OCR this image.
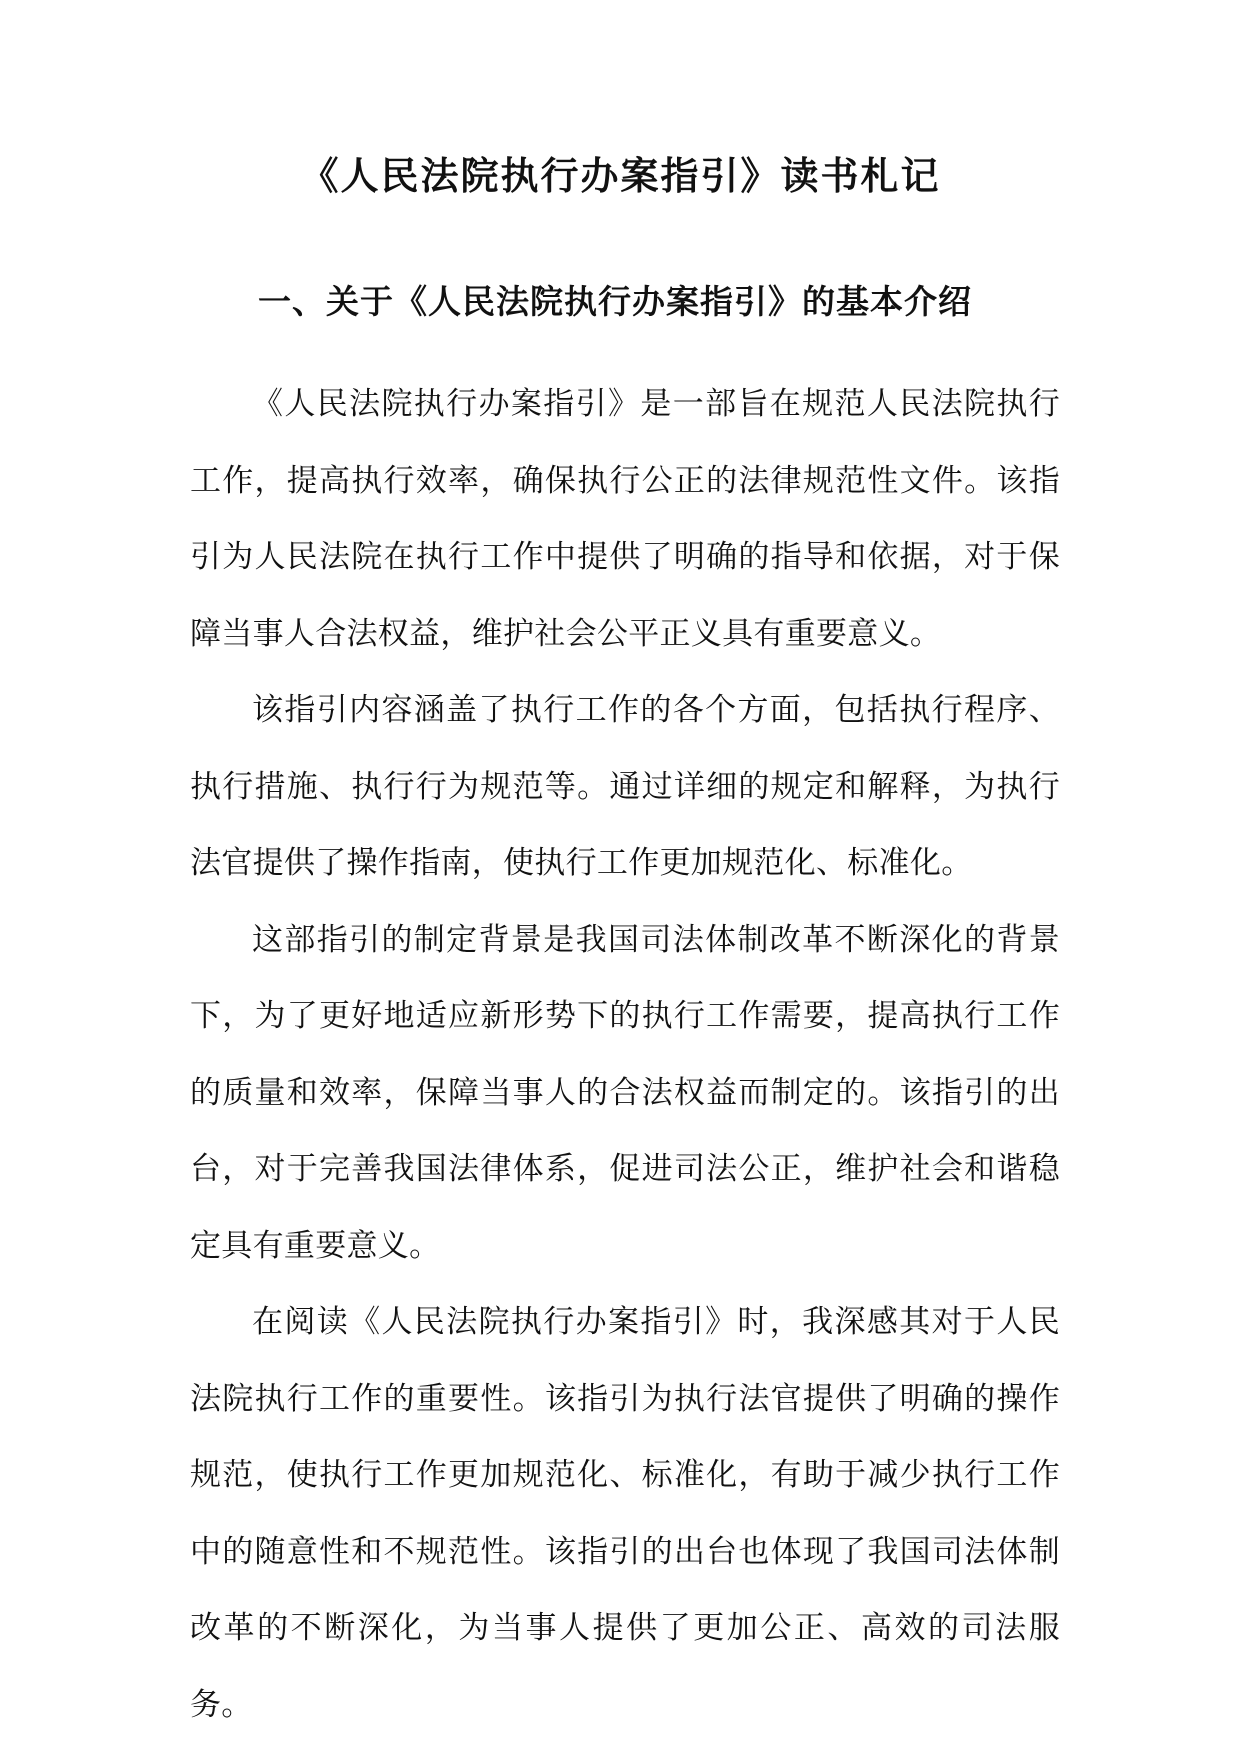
《人民法院执行办案指引》读书札记
一、关于《人民法院执行办案指引》的基本介绍

《人民法院执行办案指引》是一部旨在规范人民法院执行工作，提高执行效率，确保执行公正的法律规范性文件。该指引为人民法院在执行工作中提供了明确的指导和依据，对于保障当事人合法权益，维护社会公平正义具有重要意义。

该指引内容涵盖了执行工作的各个方面，包括执行程序、执行措施、执行行为规范等。通过详细的规定和解释，为执行法官提供了操作指南，使执行工作更加规范化、标准化。

这部指引的制定背景是我国司法体制改革不断深化的背景下，为了更好地适应新形势下的执行工作需要，提高执行工作的质量和效率，保障当事人的合法权益而制定的。该指引的出台，对于完善我国法律体系，促进司法公正，维护社会和谐稳定具有重要意义。

在阅读《人民法院执行办案指引》时，我深感其对于人民法院执行工作的重要性。该指引为执行法官提供了明确的操作规范，使执行工作更加规范化、标准化，有助于减少执行工作中的随意性和不规范性。该指引的出台也体现了我国司法体制改革的不断深化，为当事人提供了更加公正、高效的司法服务。
